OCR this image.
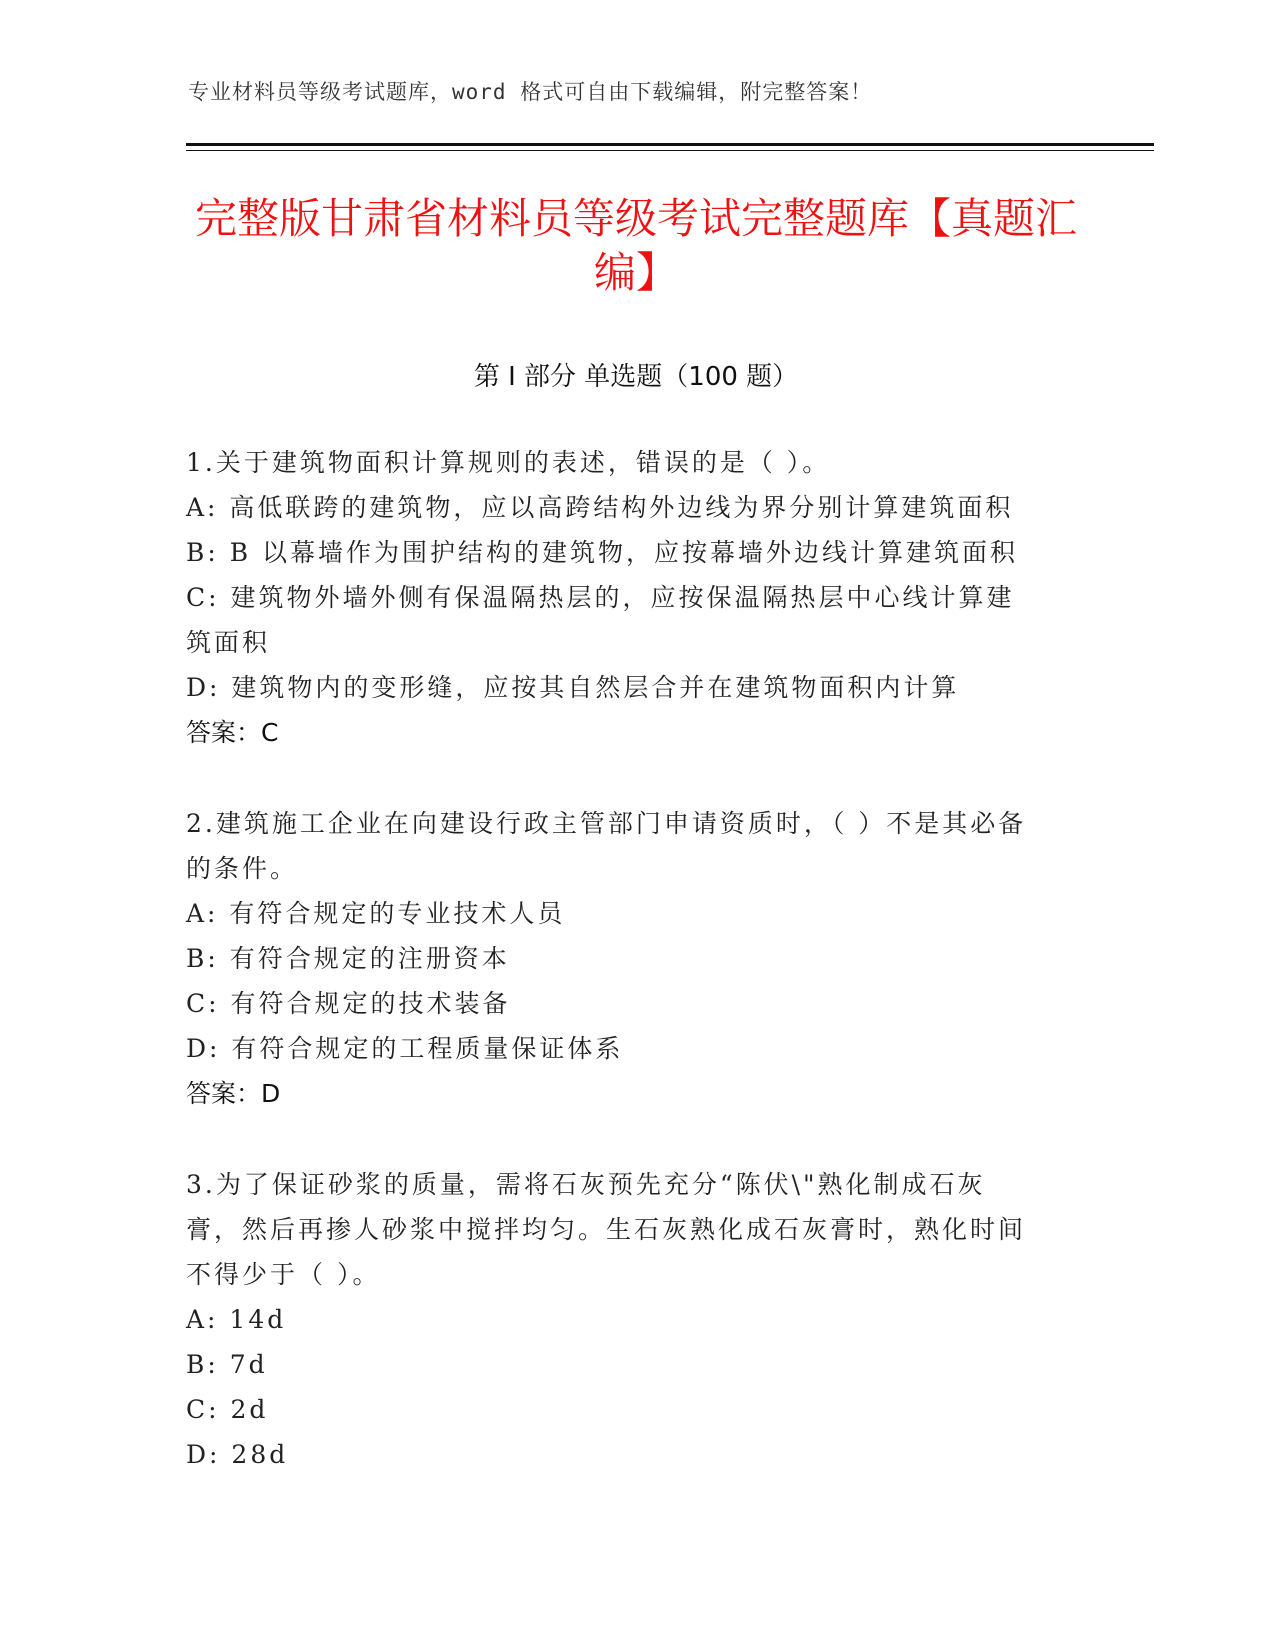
专业材料员等级考试题库，word 格式可自由下载编辑，附完整答案！
完整版甘肃省材料员等级考试完整题库【真题汇编】
第 I 部分 单选题（100 题）

1.关于建筑物面积计算规则的表述，错误的是（ ）。

A: 高低联跨的建筑物，应以高跨结构外边线为界分别计算建筑面积

B: B 以幕墙作为围护结构的建筑物，应按幕墙外边线计算建筑面积

C: 建筑物外墙外侧有保温隔热层的，应按保温隔热层中心线计算建筑面积

D: 建筑物内的变形缝，应按其自然层合并在建筑物面积内计算

答案：C

2.建筑施工企业在向建设行政主管部门申请资质时，（ ）不是其必备的条件。

A: 有符合规定的专业技术人员

B: 有符合规定的注册资本

C: 有符合规定的技术装备

D: 有符合规定的工程质量保证体系

答案：D

3.为了保证砂浆的质量，需将石灰预先充分“陈伏\"熟化制成石灰膏，然后再掺人砂浆中搅拌均匀。生石灰熟化成石灰膏时，熟化时间不得少于（ ）。

A: 14d

B: 7d

C: 2d

D: 28d
